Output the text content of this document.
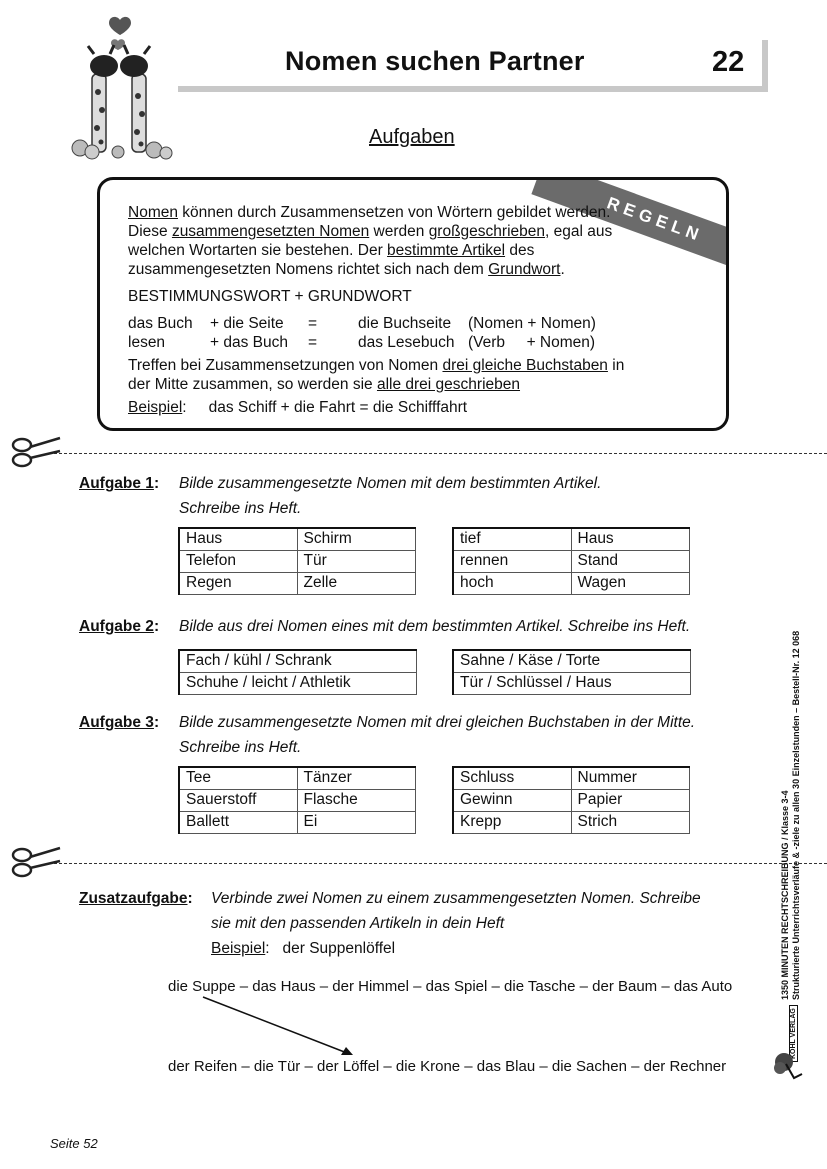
Nomen suchen Partner	22
Aufgaben
REGELN

Nomen können durch Zusammensetzen von Wörtern gebildet werden. Diese zusammengesetzten Nomen werden großgeschrieben, egal aus welchen Wortarten sie bestehen. Der bestimmte Artikel des zusammengesetzten Nomens richtet sich nach dem Grundwort.

BESTIMMUNGSWORT + GRUNDWORT

das Buch	+ die Seite	=	die Buchseite	(Nomen + Nomen)
lesen	+ das Buch	=	das Lesebuch (Verb     + Nomen)

Treffen bei Zusammensetzungen von Nomen drei gleiche Buchstaben in der Mitte zusammen, so werden sie alle drei geschrieben

Beispiel: das Schiff + die Fahrt = die Schifffahrt

Aufgabe 1: Bilde zusammengesetzte Nomen mit dem bestimmten Artikel.
Schreibe ins Heft.
Haus	Schirm
Telefon	Tür
Regen	Zelle
tief	Haus
rennen	Stand
hoch	Wagen
Aufgabe 2: Bilde aus drei Nomen eines mit dem bestimmten Artikel. Schreibe ins Heft.
Fach / kühl / Schrank
Schuhe / leicht / Athletik
Sahne / Käse / Torte
Tür / Schlüssel / Haus
Aufgabe 3: Bilde zusammengesetzte Nomen mit drei gleichen Buchstaben in der Mitte.
Schreibe ins Heft.
Tee	Tänzer
Sauerstoff	Flasche
Ballett	Ei
Schluss	Nummer
Gewinn	Papier
Krepp	Strich
Zusatzaufgabe: Verbinde zwei Nomen zu einem zusammengesetzten Nomen. Schreibe
sie mit den passenden Artikeln in dein Heft
Beispiel:   der Suppenlöffel
die Suppe – das Haus – der Himmel – das Spiel – die Tasche – der Baum – das Auto
der Reifen – die Tür – der Löffel – die Krone – das Blau – die Sachen – der Rechner
1350 MINUTEN RECHTSCHREIBUNG / Klasse 3-4 Strukturierte Unterrichtsverläufe & -ziele zu allen 30 Einzelstunden – Bestell-Nr. 12 068
KOHL VERLAG
Seite 52
